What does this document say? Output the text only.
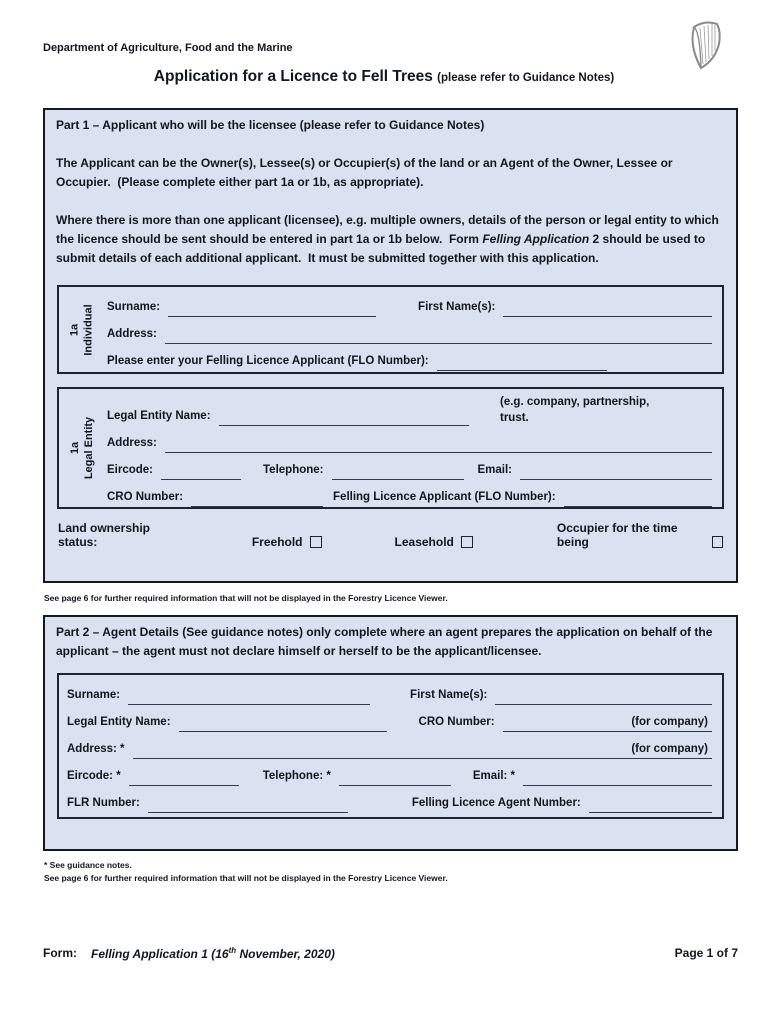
Department of Agriculture, Food and the Marine
Application for a Licence to Fell Trees (please refer to Guidance Notes)
Part 1 – Applicant who will be the licensee (please refer to Guidance Notes)
The Applicant can be the Owner(s), Lessee(s) or Occupier(s) of the land or an Agent of the Owner, Lessee or Occupier.  (Please complete either part 1a or 1b, as appropriate).
Where there is more than one applicant (licensee), e.g. multiple owners, details of the person or legal entity to which the licence should be sent should be entered in part 1a or 1b below.  Form Felling Application 2 should be used to submit details of each additional applicant.  It must be submitted together with this application.
1a Individual Surname:	First Name(s):
Address:
Please enter your Felling Licence Applicant (FLO Number):
1a Legal Entity
Legal Entity Name:
(e.g. company, partnership,
trust.
Address:
Eircode:	Telephone:	Email:
CRO Number:	Felling Licence Applicant (FLO Number):
Land ownership status:	Freehold	Leasehold
Occupier for the time being
See page 6 for further required information that will not be displayed in the Forestry Licence Viewer.
Part 2 – Agent Details (See guidance notes) only complete where an agent prepares the application on behalf of the applicant – the agent must not declare himself or herself to be the applicant/licensee.
Surname:	First Name(s):
Legal Entity Name:	CRO Number:	(for company)
Address: *	(for company)
Eircode: *	Telephone: *	Email: *
FLR Number:	Felling Licence Agent Number:
* See guidance notes.
See page 6 for further required information that will not be displayed in the Forestry Licence Viewer.
Form: Felling Application 1 (16th November, 2020)	Page 1 of 7
